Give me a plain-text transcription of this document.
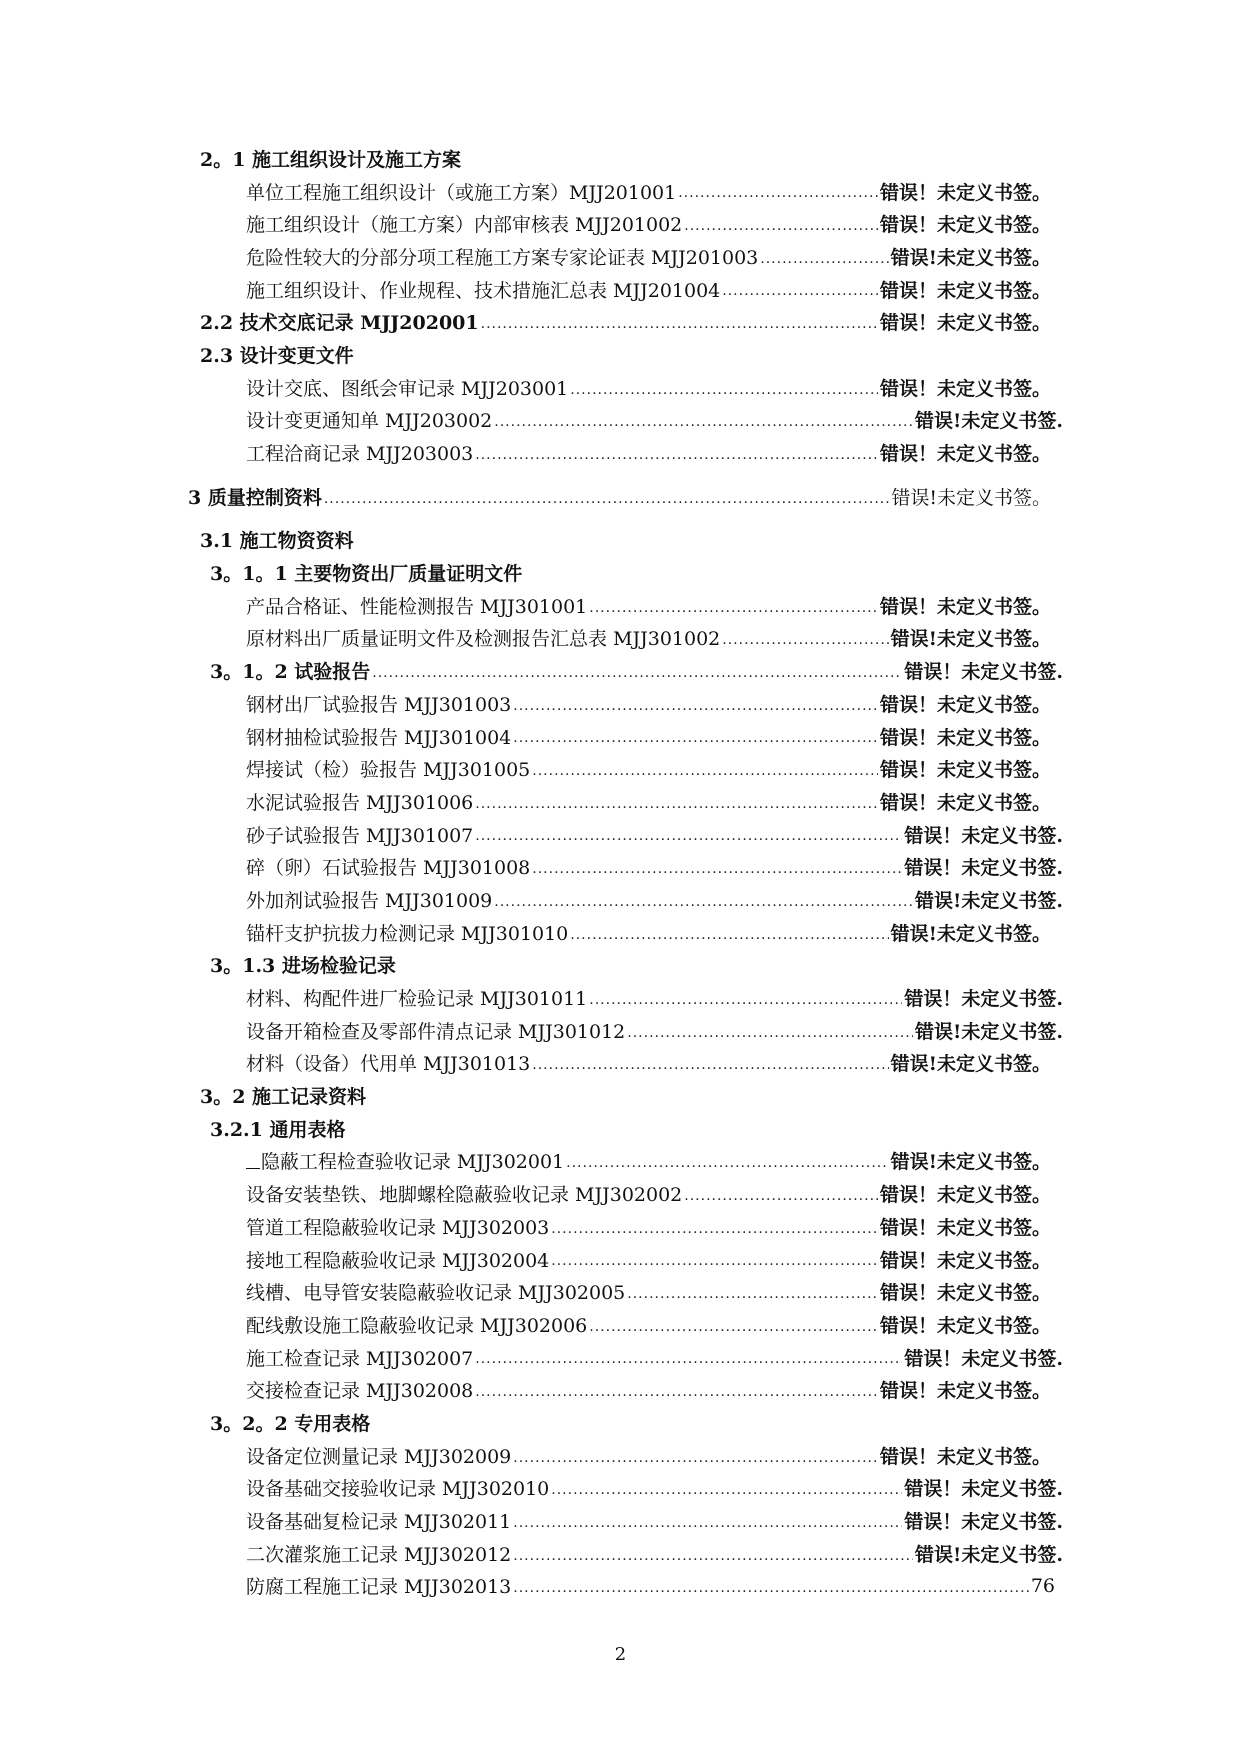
2。1 施工组织设计及施工方案
单位工程施工组织设计（或施工方案）MJJ201001 .....	错误！未定义书签。
施工组织设计（施工方案）内部审核表 MJJ201002 .....	错误！未定义书签。
危险性较大的分部分项工程施工方案专家论证表 MJJ201003 .....	错误!未定义书签。
施工组织设计、作业规程、技术措施汇总表 MJJ201004 .....	错误！未定义书签。
2.2 技术交底记录 MJJ202001 .....	错误！未定义书签。
2.3 设计变更文件
设计交底、图纸会审记录 MJJ203001 .....	错误！未定义书签。
设计变更通知单 MJJ203002 .....	错误!未定义书签.
工程洽商记录 MJJ203003 .....	错误！未定义书签。
3 质量控制资料 .....	错误!未定义书签。
3.1 施工物资资料
3。1。1 主要物资出厂质量证明文件
产品合格证、性能检测报告 MJJ301001 .....	错误！未定义书签。
原材料出厂质量证明文件及检测报告汇总表 MJJ301002 .....	错误!未定义书签。
3。1。2 试验报告 .....	错误！未定义书签.
钢材出厂试验报告 MJJ301003 .....	错误！未定义书签。
钢材抽检试验报告 MJJ301004 .....	错误！未定义书签。
焊接试（检）验报告 MJJ301005 .....	错误！未定义书签。
水泥试验报告 MJJ301006 .....	错误！未定义书签。
砂子试验报告 MJJ301007 .....	错误！未定义书签.
碎（卵）石试验报告 MJJ301008 .....	错误！未定义书签.
外加剂试验报告 MJJ301009 .....	错误!未定义书签.
锚杆支护抗拔力检测记录 MJJ301010 .....	错误!未定义书签。
3。1.3 进场检验记录
材料、构配件进厂检验记录 MJJ301011 .....	错误！未定义书签.
设备开箱检查及零部件清点记录 MJJ301012 .....	错误!未定义书签.
材料（设备）代用单 MJJ301013 .....	错误!未定义书签。
3。2 施工记录资料
3.2.1 通用表格
隐蔽工程检查验收记录 MJJ302001 .....	错误!未定义书签。
设备安装垫铁、地脚螺栓隐蔽验收记录 MJJ302002 .....	错误！未定义书签。
管道工程隐蔽验收记录 MJJ302003 .....	错误！未定义书签。
接地工程隐蔽验收记录 MJJ302004 .....	错误！未定义书签。
线槽、电导管安装隐蔽验收记录 MJJ302005 .....	错误！未定义书签。
配线敷设施工隐蔽验收记录 MJJ302006 .....	错误！未定义书签。
施工检查记录 MJJ302007 .....	错误！未定义书签.
交接检查记录 MJJ302008 .....	错误！未定义书签。
3。2。2 专用表格
设备定位测量记录 MJJ302009 .....	错误！未定义书签。
设备基础交接验收记录 MJJ302010 .....	错误！未定义书签.
设备基础复检记录 MJJ302011 .....	错误！未定义书签.
二次灌浆施工记录 MJJ302012 .....	错误!未定义书签.
防腐工程施工记录 MJJ302013 .....	76
2
